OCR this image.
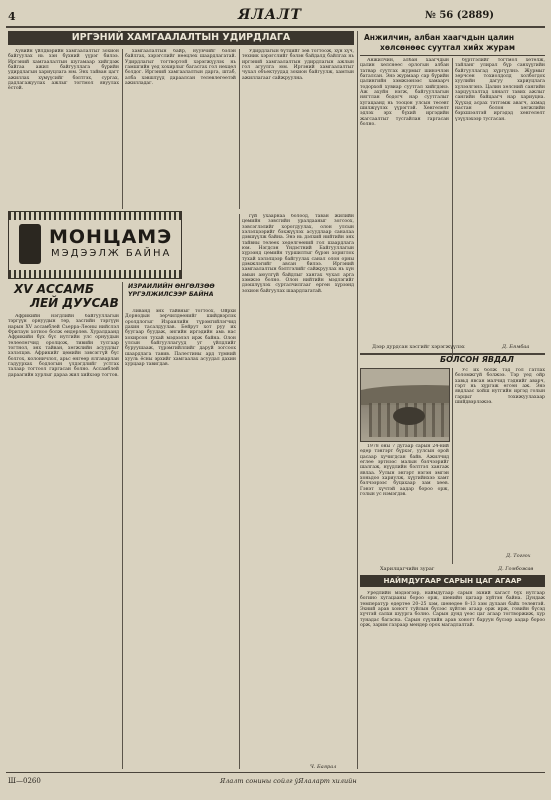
4	ЯЛАЛТ	№ 56 (2889)
ИРГЭНИЙ ХАМГААЛАЛТЫН УДИРДЛАГА

Хувийн үйлдвэрийн хамгаалалтыг зохион байгуулах нь хэн бүхний үүрэг билээ. Иргэний хамгаалалтын шугамаар хийгдэж байгаа ажил байгууллага бүрийн удирдлагын хариуцлага юм. Энх тайван цагт ажиллах хүмүүсийг бэлтгэх, сургах, дадлагажуулах ажлыг тогтмол явуулах ёстой.

хамгаалалтын байр, нуувчийг бэлэн байлгах, хэрэгслийг нөөцлөх шаардлагатай. Удирдлагыг тогтвортой хэрэгжүүлэх нь гамшгийн үед хохирлыг багасгах гол нөхцөл болдог. Иргэний хамгаалалтын дарга, штаб, алба хэвшлүүд дараалсан төлөвлөгөөтэй ажилладаг.

Удирдлагын бүтцийг зөв тогтоож, хүн хүч, техник хэрэгслийг бэлэн байдалд байлгах нь иргэний хамгаалалтын удирдлагын ажлын гол агуулга юм. Иргэний хамгаалалтыг чухал объектуудад зохион байгуулж, хамтын ажиллагааг сайжруулна.

МОНЦАМЭ
МЭДЭЭЛЖ БАЙНА
XV АССАМБ
ЛЕЙ ДУУСАВ

Африкийн нэгдлийн байгууллагын тэргүүн орнуудын төр, засгийн тэргүүн нарын XV ассамблей Сьерра-Леоны нийслэл Фритаун хотноо болж өндөрлөв. Хуралдаанд Африкийн бүх бүс нутгийн улс орнуудын төлөөлөгчид оролцож, тивийн тусгаар тогтнол, энх тайван, хөгжлийн асуудлыг хэлэлцэв. Африкийг цөмийн зэвсэггүй бүс болгох, колоничлол, арьс өнгөөр ялгаварлан гадуурхах бодлогын үлдэгдлийг устгах талаар тогтоол гаргасан болно. Ассамблей дараагийн хурлыг дараа жил хийхээр тогтов.

ИЗРАИЛИЙН ӨНГӨЛЗӨӨ ҮРГЭЛЖИЛСЭЭР БАЙНА

Ливанд энх тайвныг тогтоох, Ойрхи Дорнодын зөрчилдөөнийг шийдвэрлэх оролдлогыг Израилийн түрэмгийлэгчид дахин тасалдуулав. Бейрут хот руу их буугаар буудаж, энгийн иргэдийн амь нас хохирсон тухай мэдээлэл ирж байна. Олон улсын байгууллагууд уг үйлдлийг буруушааж, түрэмгийллийг даруй зогсоох шаардлага тавив. Палестины ард түмний хууль ёсны эрхийг хамгаалах асуудал дахин хурцаар тавигдав.

гүй ухаарнаа болоод, таван жилийн цөмийн зэвсгийн уралдааныг зогсоох, зэвсэглэлийг хорогдуулах, олон улсын хэлэлцээрийг бэхжүүлэх асуудлаар саналаа дэвшүүлж байна. Энэ нь дэлхий нийтийн энх тайвны төлөөх хөдөлгөөний гол шаардлага юм. Нэгдсэн Үндэстний Байгууллагын хүрээнд цөмийн туршилтыг бүрэн хориглох тухай хэлэлцээр байгуулах санал олон орны дэмжлэгийг авсан билээ. Иргэний хамгаалалтын бэлтгэлийг сайжруулах нь хүн амын аюулгүй байдлыг хангах чухал арга хэмжээ болно. Олон нийтийн мэдлэгийг дээшлүүлэх сурталчилгааг өргөн хүрээнд зохион байгуулах шаардлагатай.

Ч. Баярал
Анжилчин, албан хаагчдын цалин
хөлсөнөөс суутгал хийх журам

Анжилчин, албан хаагчдын цалин хөлснөөс орлогын албан татвар суутгах журмыг шинэчлэн баталсан. Энэ журмаар сар бүрийн цалингийн хэмжээнээс хамаарч тодорхой хувиар суутгал хийгдэнэ. Аж ахуйн нэгж, байгууллагын нягтлан бодогч нар суутгалыг хугацаанд нь тооцон улсын төсөвт шилжүүлэх үүрэгтэй. Хөнгөлөлт эдлэх эрх бүхий иргэдийн жагсаалтыг тусгайлан гаргасан болно.

бүртгэлийг тогтмол хөтөлж, тайланг улирал бүр санхүүгийн байгууллагад хүргүүлнэ. Журмыг зөрчсөн тохиолдолд холбогдох хуулийн дагуу хариуцлага хүлээлгэнэ. Цалин хөлсний сангийн зарцуулалтад хяналт тавих ажлыг сангийн байцаагч нар хариуцна. Хүүхэд асрах тэтгэмж авагч, ахмад настан болон хөгжлийн бэрхшээлтэй иргэдэд хөнгөлөлт үзүүлэхээр тусгасан.

Дээр дурдсан хэсгийг хэрэгжүүлэх	Д. Бямбаа
БОЛСОН ЯВДАЛ

1978 оны 7 дугаар сарын 24-ний өдөр тэнгэрт бүрхэг, уулсын орой цасаар хучигдсан байв. Ажилчид өглөө эртнээс малын бэлчээрийг шалгаж, нүүдлийн бэлтгэл хангаж явлаа. Уулын энгэрт нэгэн эмгэн хоньдоо хариулж, хүүгийнхээ хамт бэлчээрээс буцахаар зам хөөв. Гэнэт хүчтэй аадар бороо орж, голын ус нэмэгдэв.

Ус их болж тэд гол гатлах боломжгүй болжээ. Тэр үед ойр хавьд явсан малчид тэднийг аварч, гэрт нь хүргэж өгсөн аж. Энэ явдлаас хойш нутгийн иргэд голын гарцыг тохижуулахаар шийдвэрлэжээ.

Д. Тоггох
Харилцагчийн зураг	Д. Гомбожав
НАЙМДУГААР САРЫН ЦАГ АГААР

Уредлийн мэдээгээр, наймдугаар сарын эхний хагаст бүх нутгаар богино хугацааны бороо орж, шөнийн цагаар хүйтэн байна. Дундаж температур өдөртөө 20–25 хэм, шөнөдөө 8–13 хэм дулаан байх төлөвтэй. Эхний арав хоногт туйлын бүсээс хүйтэн агаар орж ирж, говийн бүсэд хүчтэй салхи шуурга болно. Сарын дунд үеэс цаг агаар тогтворжиж, хур тунадас багасна. Сарын сүүлийн арав хоногт баруун бүсээр аадар бороо орж, зарим газраар мөндөр орох магадлалтай.

Ш—0260	Ялалт сонины сойлг ўЯлаларт хилийн
